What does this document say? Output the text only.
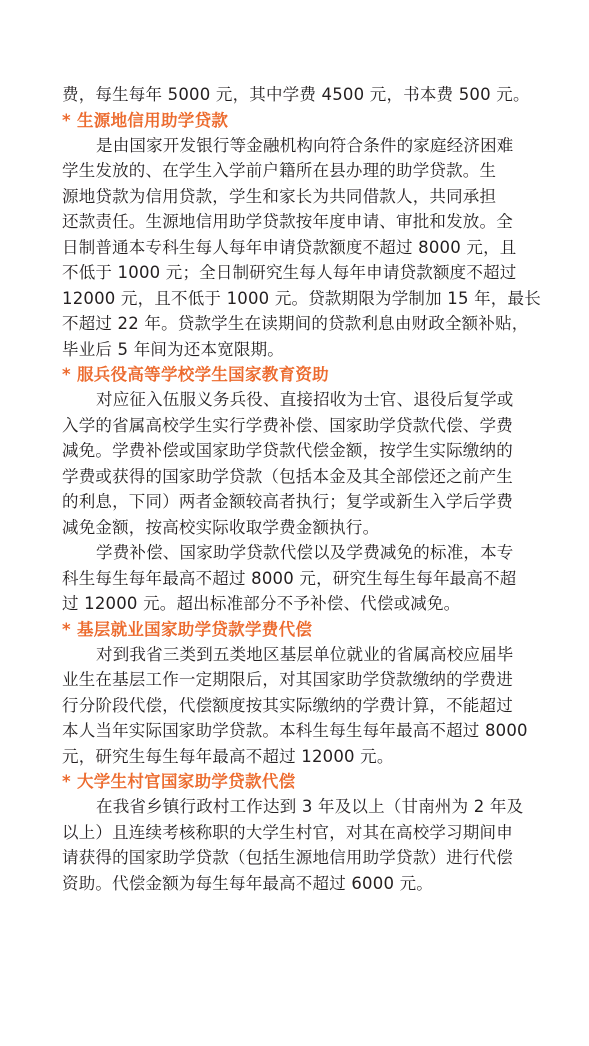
费，每生每年 5000 元，其中学费 4500 元，书本费 500 元。
* 生源地信用助学贷款
是由国家开发银行等金融机构向符合条件的家庭经济困难
学生发放的、在学生入学前户籍所在县办理的助学贷款。生
源地贷款为信用贷款，学生和家长为共同借款人，共同承担
还款责任。生源地信用助学贷款按年度申请、审批和发放。全
日制普通本专科生每人每年申请贷款额度不超过 8000 元，且
不低于 1000 元；全日制研究生每人每年申请贷款额度不超过
12000 元，且不低于 1000 元。贷款期限为学制加 15 年，最长
不超过 22 年。贷款学生在读期间的贷款利息由财政全额补贴，
毕业后 5 年间为还本宽限期。
* 服兵役高等学校学生国家教育资助
对应征入伍服义务兵役、直接招收为士官、退役后复学或
入学的省属高校学生实行学费补偿、国家助学贷款代偿、学费
减免。学费补偿或国家助学贷款代偿金额，按学生实际缴纳的
学费或获得的国家助学贷款（包括本金及其全部偿还之前产生
的利息，下同）两者金额较高者执行；复学或新生入学后学费
减免金额，按高校实际收取学费金额执行。
学费补偿、国家助学贷款代偿以及学费减免的标准，本专
科生每生每年最高不超过 8000 元，研究生每生每年最高不超
过 12000 元。超出标准部分不予补偿、代偿或减免。
* 基层就业国家助学贷款学费代偿
对到我省三类到五类地区基层单位就业的省属高校应届毕
业生在基层工作一定期限后，对其国家助学贷款缴纳的学费进
行分阶段代偿，代偿额度按其实际缴纳的学费计算，不能超过
本人当年实际国家助学贷款。本科生每生每年最高不超过 8000
元，研究生每生每年最高不超过 12000 元。
* 大学生村官国家助学贷款代偿
在我省乡镇行政村工作达到 3 年及以上（甘南州为 2 年及
以上）且连续考核称职的大学生村官，对其在高校学习期间申
请获得的国家助学贷款（包括生源地信用助学贷款）进行代偿
资助。代偿金额为每生每年最高不超过 6000 元。
